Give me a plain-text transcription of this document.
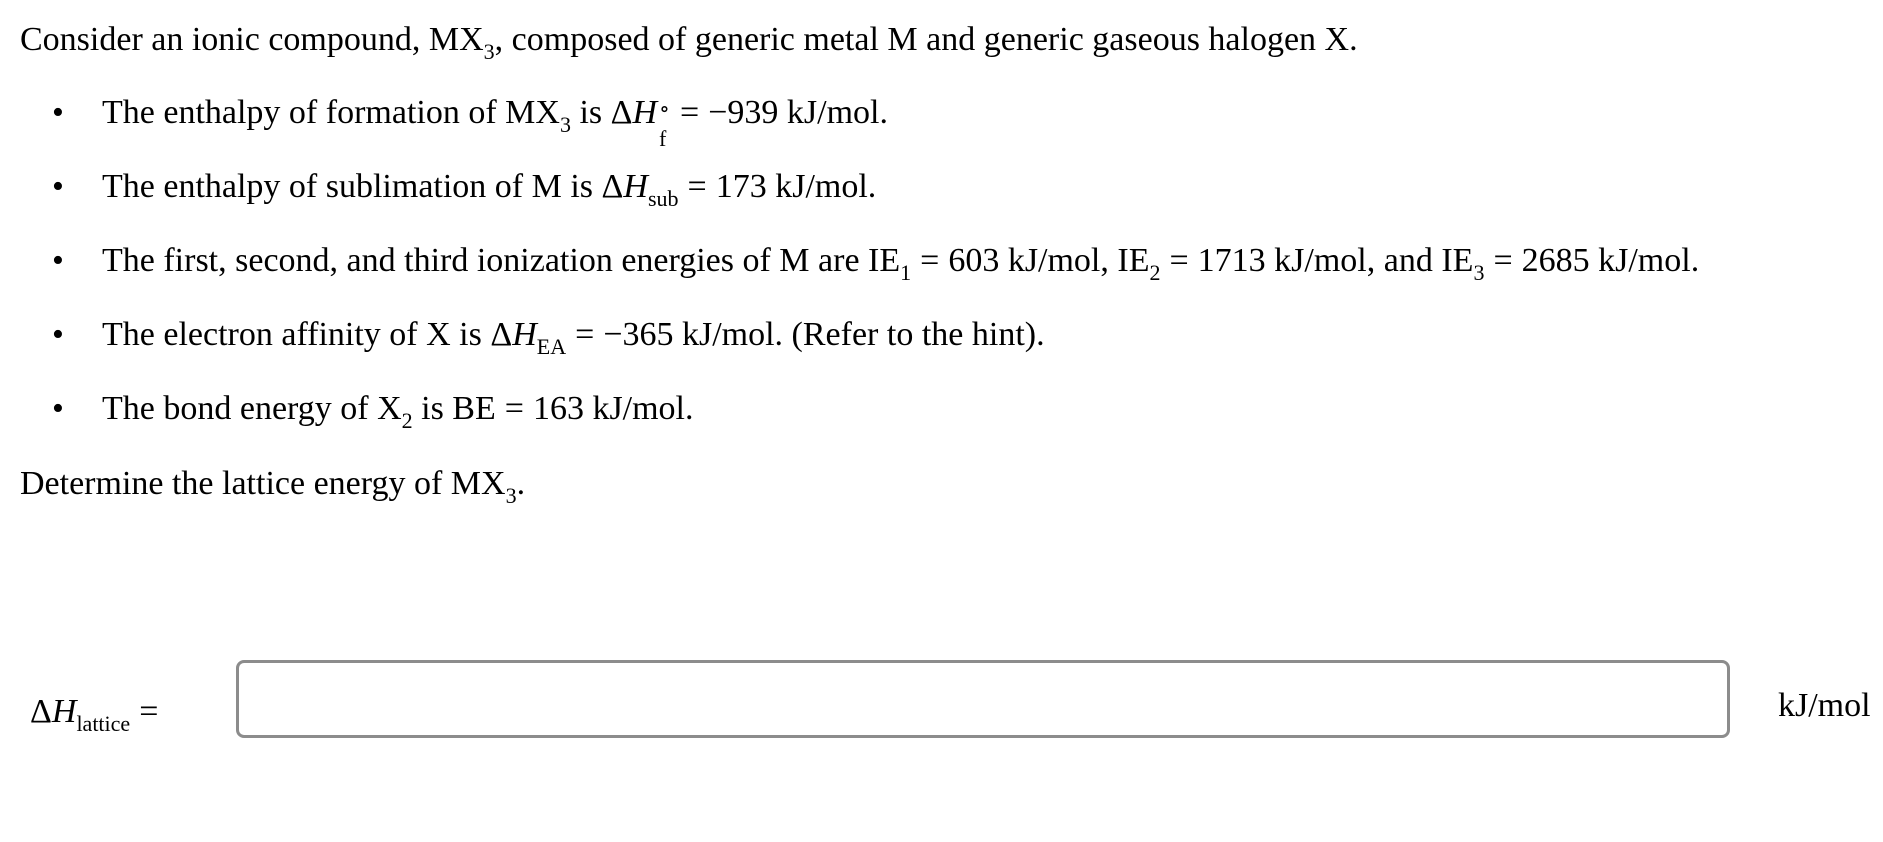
Consider an ionic compound, $MX_3$, composed of generic metal M and generic gaseous halogen X.
• The enthalpy of formation of $MX_3$ is ΔH ∘
f
= −939 kJ/mol.
• The enthalpy of sublimation of M is $\Delta H_{sub} = 173$ kJ/mol.
• The first, second, and third ionization energies of M are $IE_1 = 603$ kJ/mol, $IE_2 = 1713$ kJ/mol, and $IE_3 = 2685$ kJ/mol.
• The electron affinity of X is $\Delta H_{EA} = -365$ kJ/mol. (Refer to the hint).
• The bond energy of $X_2$ is BE = 163 kJ/mol.
Determine the lattice energy of $MX_3$.
$\Delta H_{lattice}$ =	kJ/mol
